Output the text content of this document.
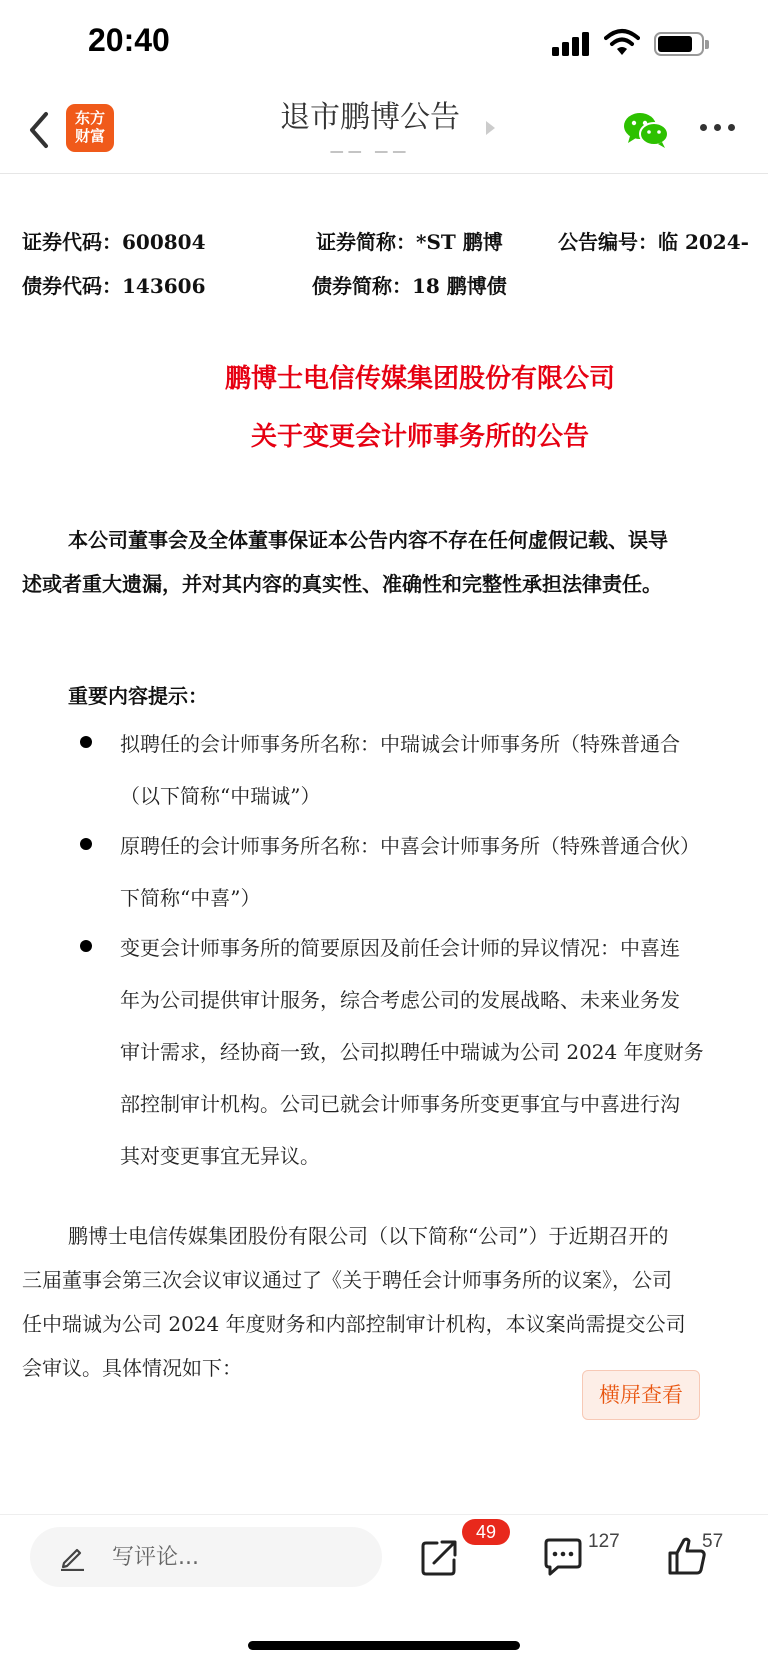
20:40
东方
财富
退市鹏博公告
—— ——
证券代码：600804	证券简称：*ST 鹏博	公告编号：临 2024-
债券代码：143606	债券简称：18 鹏博债
鹏博士电信传媒集团股份有限公司
关于变更会计师事务所的公告
本公司董事会及全体董事保证本公告内容不存在任何虚假记载、误导
述或者重大遗漏，并对其内容的真实性、准确性和完整性承担法律责任。
重要内容提示：
拟聘任的会计师事务所名称：中瑞诚会计师事务所（特殊普通合
（以下简称“中瑞诚”）
原聘任的会计师事务所名称：中喜会计师事务所（特殊普通合伙）
下简称“中喜”）
变更会计师事务所的简要原因及前任会计师的异议情况：中喜连
年为公司提供审计服务，综合考虑公司的发展战略、未来业务发
审计需求，经协商一致，公司拟聘任中瑞诚为公司 2024 年度财务
部控制审计机构。公司已就会计师事务所变更事宜与中喜进行沟
其对变更事宜无异议。
鹏博士电信传媒集团股份有限公司（以下简称“公司”）于近期召开的
三届董事会第三次会议审议通过了《关于聘任会计师事务所的议案》，公司
任中瑞诚为公司 2024 年度财务和内部控制审计机构，本议案尚需提交公司
会审议。具体情况如下：
横屏查看
写评论...
49	127	57
